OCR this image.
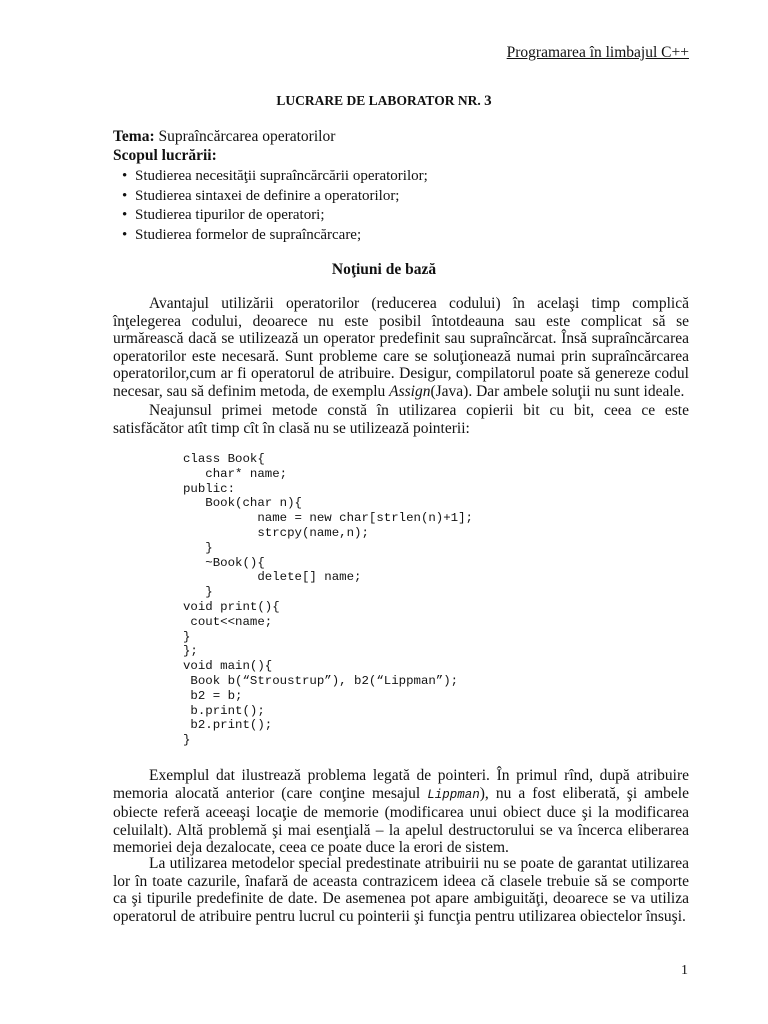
Programarea în limbajul C++
LUCRARE DE LABORATOR NR. 3
Tema: Supraîncărcarea operatorilor
Scopul lucrării:
• Studierea necesităţii supraîncărcării operatorilor;
• Studierea sintaxei de definire a operatorilor;
• Studierea tipurilor de operatori;
• Studierea formelor de supraîncărcare;
Noţiuni de bază

Avantajul utilizării operatorilor (reducerea codului) în acelaşi timp complică înţelegerea codului, deoarece nu este posibil întotdeauna sau este complicat să se urmărească dacă se utilizează un operator predefinit sau supraîncărcat. Însă supraîncărcarea operatorilor este necesară. Sunt probleme care se soluţionează numai prin supraîncărcarea operatorilor,cum ar fi operatorul de atribuire. Desigur, compilatorul poate să genereze codul necesar, sau să definim metoda, de exemplu Assign(Java). Dar ambele soluţii nu sunt ideale.

Neajunsul primei metode constă în utilizarea copierii bit cu bit, ceea ce este satisfăcător atît timp cît în clasă nu se utilizează pointerii:

class Book{
char* name;
public:
Book(char n){
name = new char[strlen(n)+1];
strcpy(name,n);
}
~Book(){
delete[] name;
}
void print(){
cout<<name;
}
};
void main(){
Book b(“Stroustrup”), b2(“Lippman”);
b2 = b;
b.print();
b2.print();
}

Exemplul dat ilustrează problema legată de pointeri. În primul rînd, după atribuire memoria alocată anterior (care conţine mesajul Lippman), nu a fost eliberată, şi ambele obiecte referă aceeaşi locaţie de memorie (modificarea unui obiect duce şi la modificarea celuilalt). Altă problemă şi mai esenţială – la apelul destructorului se va încerca eliberarea memoriei deja dezalocate, ceea ce poate duce la erori de sistem.

La utilizarea metodelor special predestinate atribuirii nu se poate de garantat utilizarea lor în toate cazurile, înafară de aceasta contrazicem ideea că clasele trebuie să se comporte ca şi tipurile predefinite de date. De asemenea pot apare ambiguităţi, deoarece se va utiliza operatorul de atribuire pentru lucrul cu pointerii şi funcţia pentru utilizarea obiectelor însuşi.

1
